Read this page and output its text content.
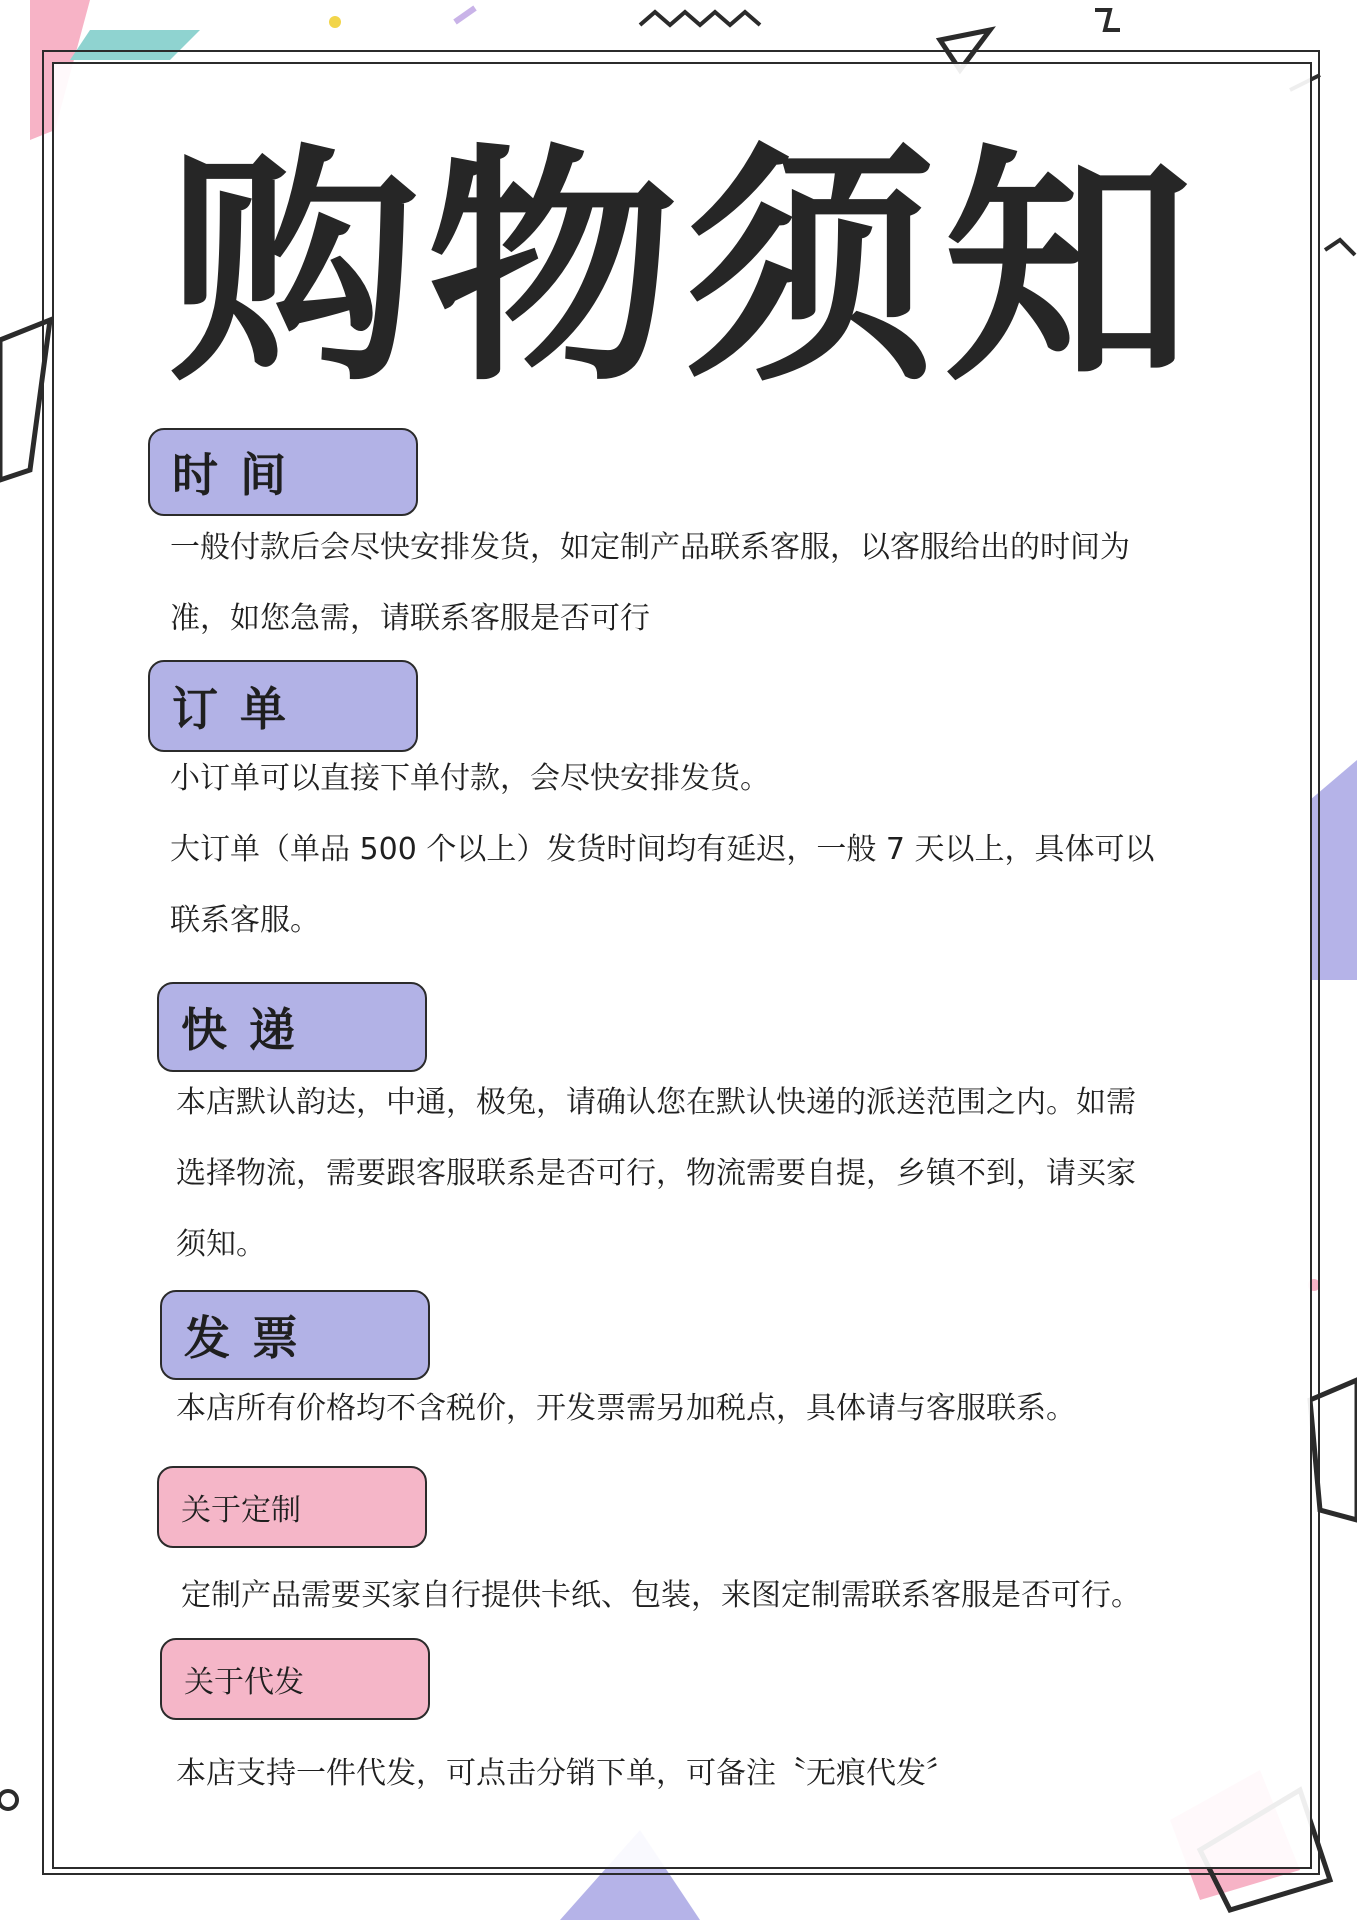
购物须知
时间
一般付款后会尽快安排发货，如定制产品联系客服，以客服给出的时间为
准，如您急需，请联系客服是否可行
订单
小订单可以直接下单付款，会尽快安排发货。
大订单（单品 500 个以上）发货时间均有延迟，一般 7 天以上，具体可以
联系客服。
快递
本店默认韵达，中通，极兔，请确认您在默认快递的派送范围之内。如需
选择物流，需要跟客服联系是否可行，物流需要自提，乡镇不到，请买家
须知。
发票
本店所有价格均不含税价，开发票需另加税点，具体请与客服联系。
关于定制
定制产品需要买家自行提供卡纸、包装，来图定制需联系客服是否可行。
关于代发
本店支持一件代发，可点击分销下单，可备注〝无痕代发〞
